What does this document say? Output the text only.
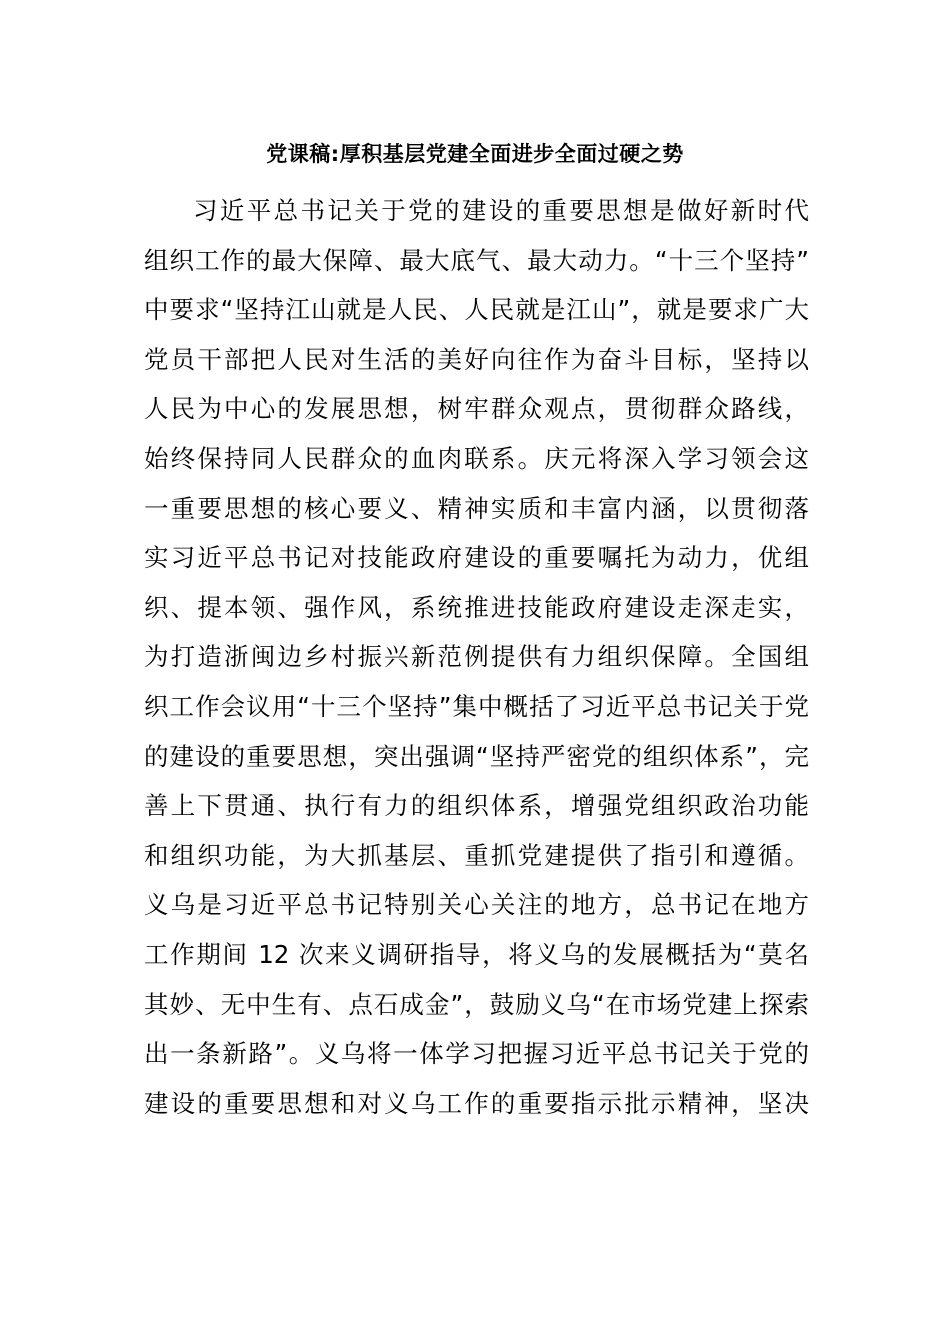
党课稿:厚积基层党建全面进步全面过硬之势
习近平总书记关于党的建设的重要思想是做好新时代
组织工作的最大保障、最大底气、最大动力。“十三个坚持”
中要求“坚持江山就是人民、人民就是江山”，就是要求广大
党员干部把人民对生活的美好向往作为奋斗目标，坚持以
人民为中心的发展思想，树牢群众观点，贯彻群众路线，
始终保持同人民群众的血肉联系。庆元将深入学习领会这
一重要思想的核心要义、精神实质和丰富内涵，以贯彻落
实习近平总书记对技能政府建设的重要嘱托为动力，优组
织、提本领、强作风，系统推进技能政府建设走深走实，
为打造浙闽边乡村振兴新范例提供有力组织保障。全国组
织工作会议用“十三个坚持”集中概括了习近平总书记关于党
的建设的重要思想，突出强调“坚持严密党的组织体系”，完
善上下贯通、执行有力的组织体系，增强党组织政治功能
和组织功能，为大抓基层、重抓党建提供了指引和遵循。
义乌是习近平总书记特别关心关注的地方，总书记在地方
工作期间 12 次来义调研指导，将义乌的发展概括为“莫名
其妙、无中生有、点石成金”，鼓励义乌“在市场党建上探索
出一条新路”。义乌将一体学习把握习近平总书记关于党的
建设的重要思想和对义乌工作的重要指示批示精神，坚决
